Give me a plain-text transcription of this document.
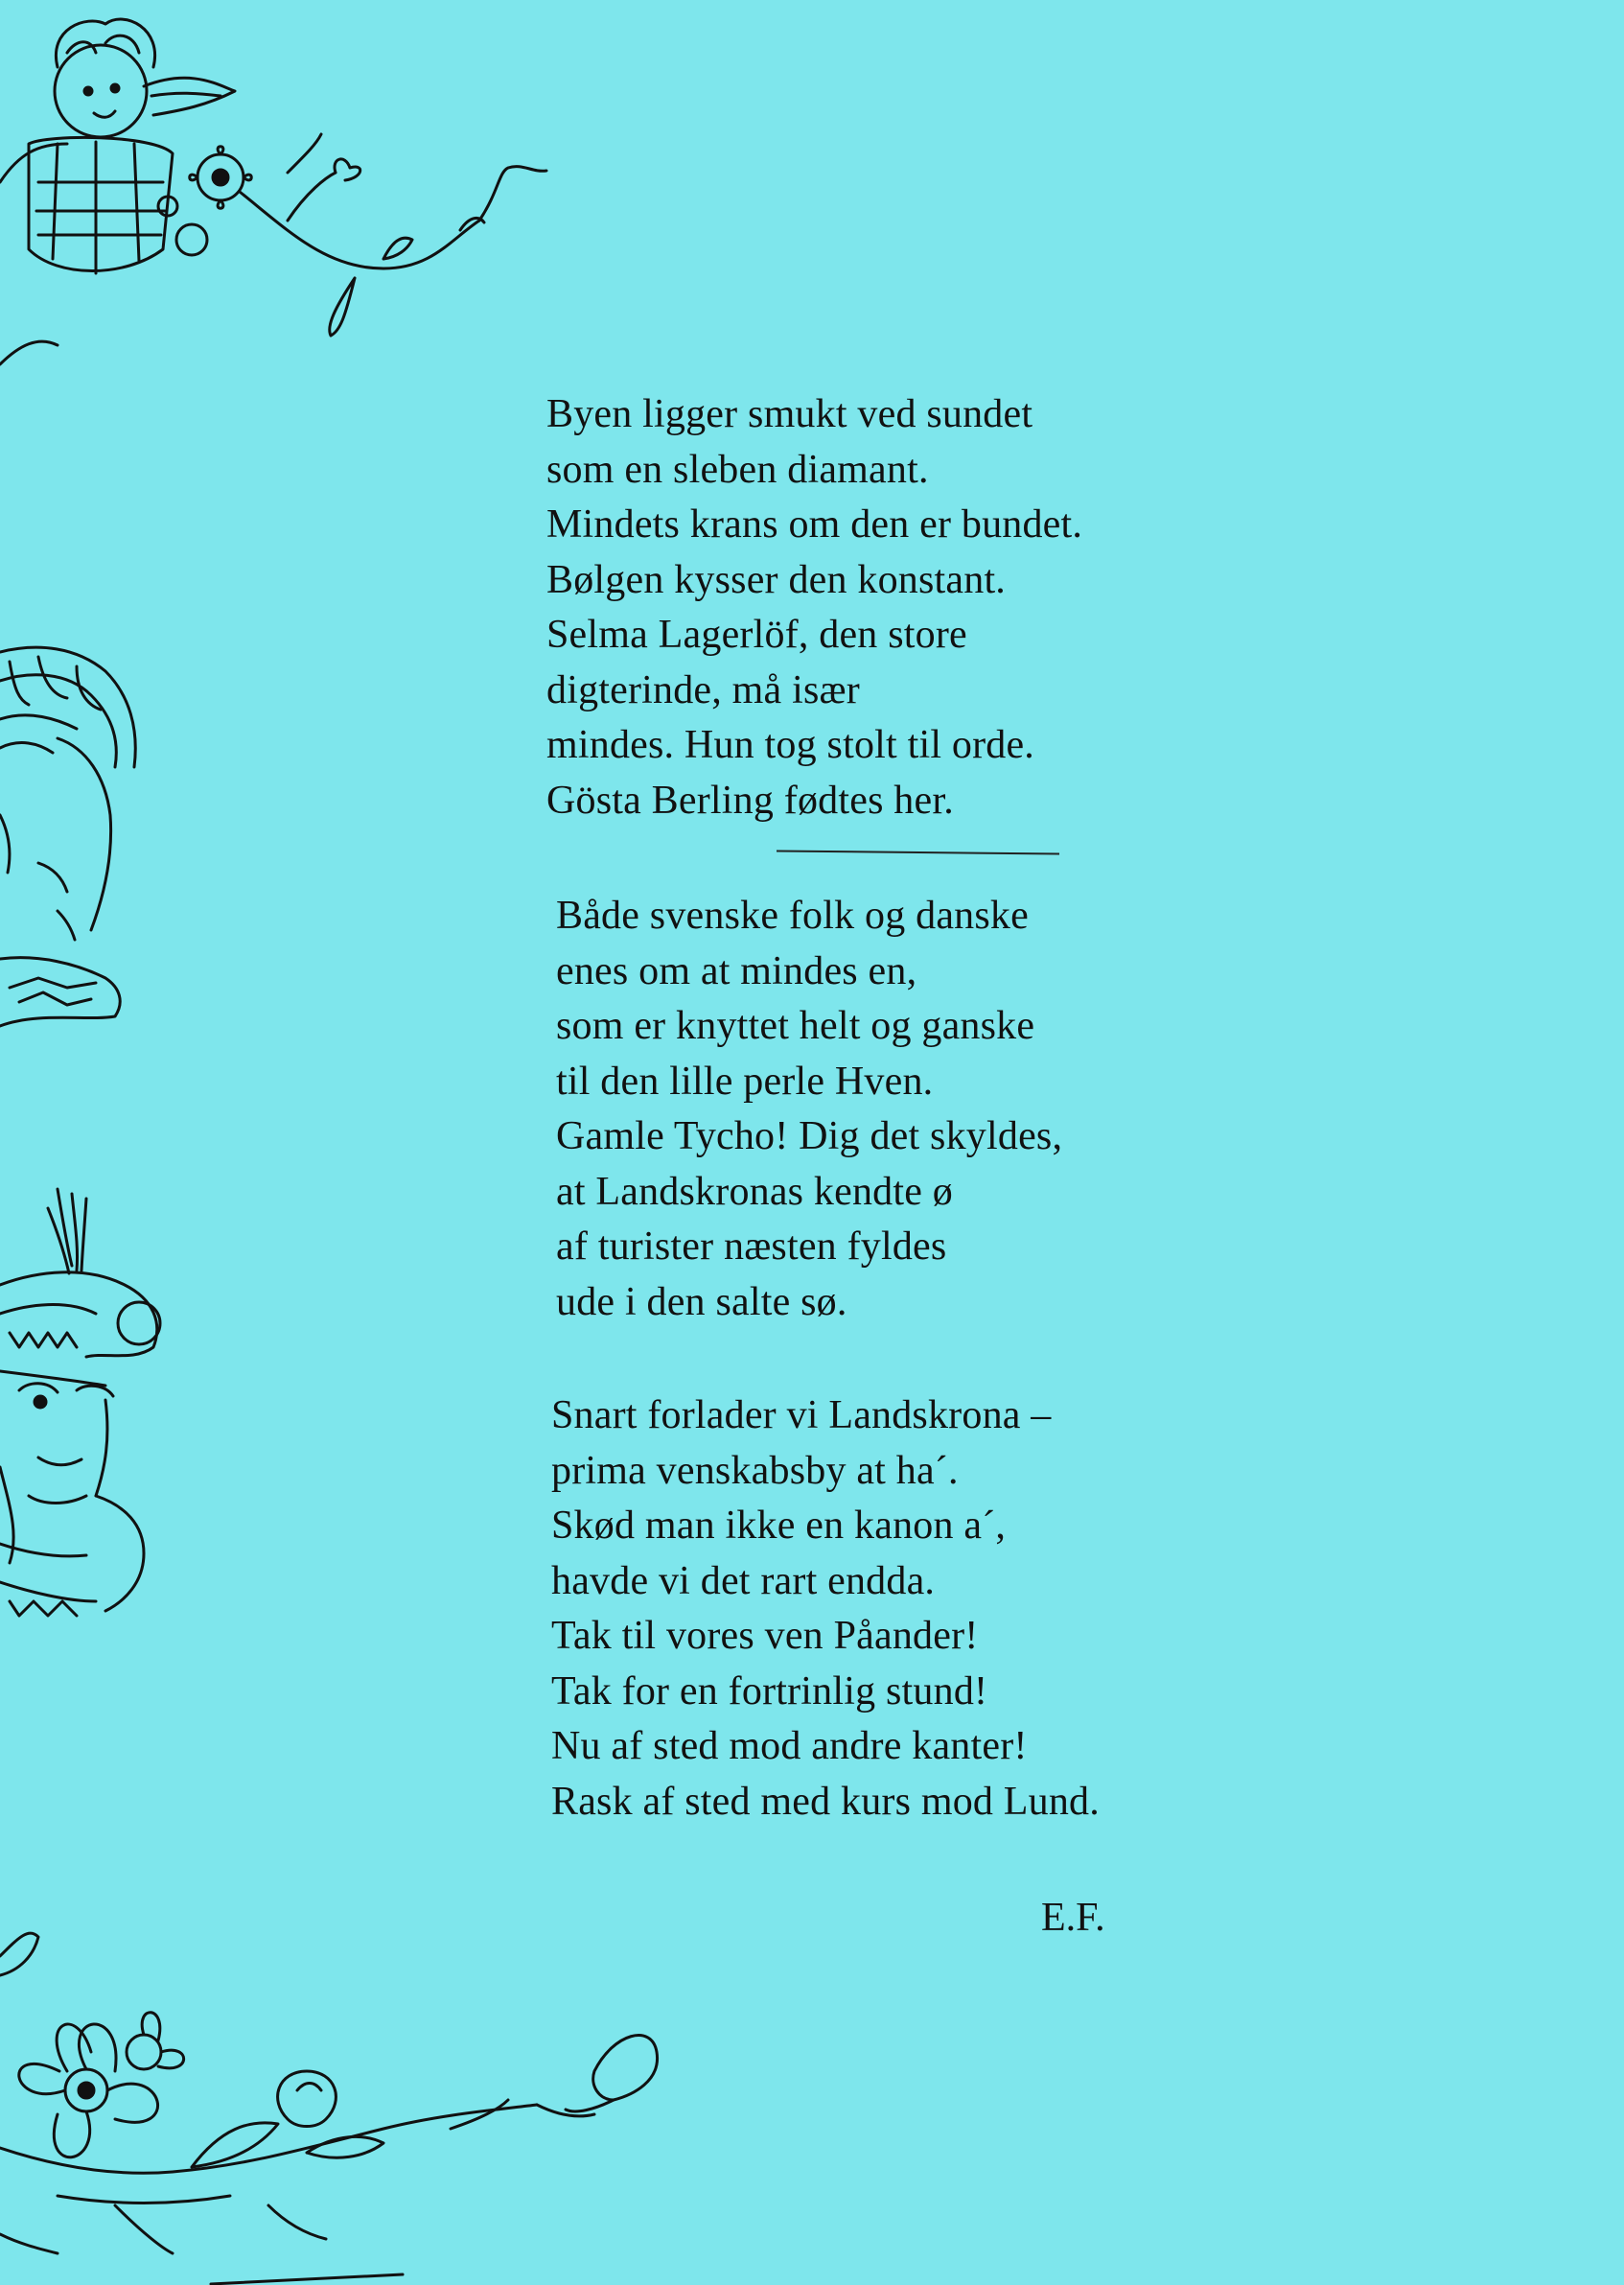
Byen ligger smukt ved sundet
som en sleben diamant.
Mindets krans om den er bundet.
Bølgen kysser den konstant.
Selma Lagerlöf, den store
digterinde, må især
mindes. Hun tog stolt til orde.
Gösta Berling fødtes her.
Både svenske folk og danske
enes om at mindes en,
som er knyttet helt og ganske
til den lille perle Hven.
Gamle Tycho! Dig det skyldes,
at Landskronas kendte ø
af turister næsten fyldes
ude i den salte sø.
Snart forlader vi Landskrona –
prima venskabsby at ha´.
Skød man ikke en kanon a´,
havde vi det rart endda.
Tak til vores ven Påander!
Tak for en fortrinlig stund!
Nu af sted mod andre kanter!
Rask af sted med kurs mod Lund.
E.F.
